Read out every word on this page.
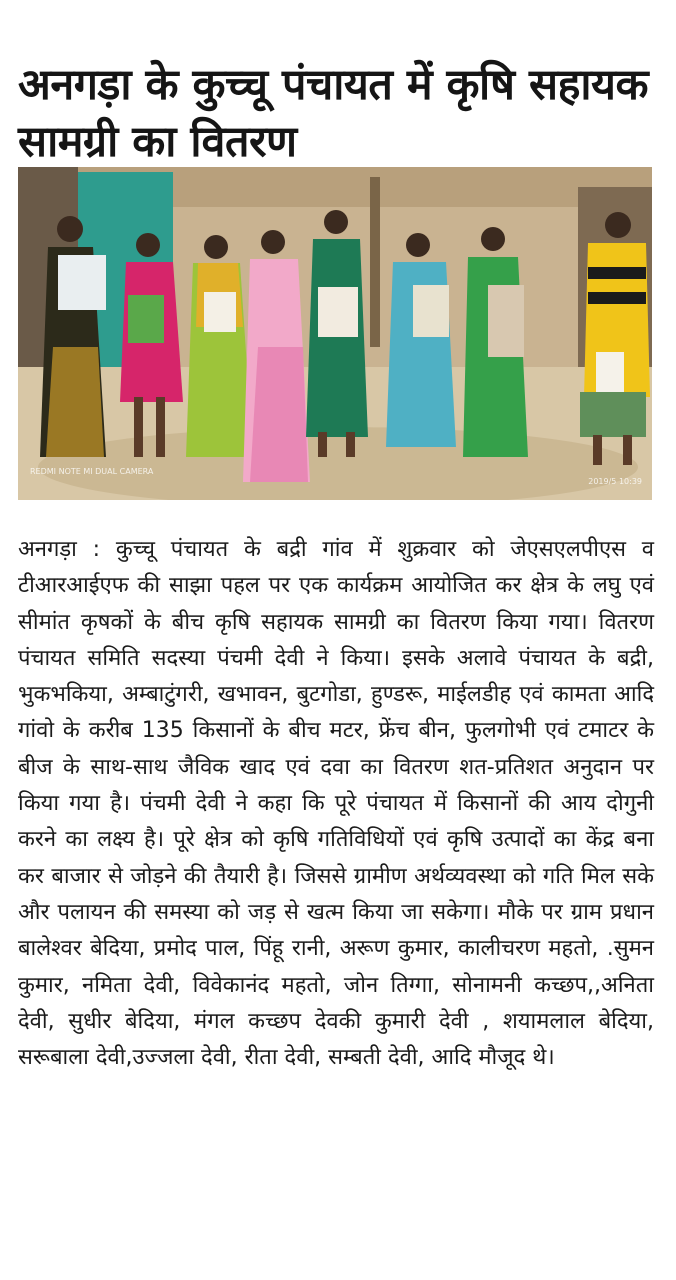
अनगड़ा के कुच्चू पंचायत में कृषि सहायक सामग्री का वितरण
REDMI NOTE MI DUAL CAMERA
2019/5 10:39
अनगड़ा : कुच्चू पंचायत के बद्री गांव में शुक्रवार को जेएसएलपीएस व टीआरआईएफ की साझा पहल पर एक कार्यक्रम आयोजित कर क्षेत्र के लघु एवं सीमांत कृषकों के बीच कृषि सहायक सामग्री का वितरण किया गया। वितरण पंचायत समिति सदस्या पंचमी देवी ने किया। इसके अलावे पंचायत के बद्री, भुकभकिया, अम्बाटुंगरी, खभावन, बुटगोडा, हुण्डरू, माईलडीह एवं कामता आदि गांवो के करीब 135 किसानों के बीच मटर, फ्रेंच बीन, फुलगोभी एवं टमाटर के बीज के साथ-साथ जैविक खाद एवं दवा का वितरण शत-प्रतिशत अनुदान पर किया गया है। पंचमी देवी ने कहा कि पूरे पंचायत में किसानों की आय दोगुनी करने का लक्ष्य है। पूरे क्षेत्र को कृषि गतिविधियों एवं कृषि उत्पादों का केंद्र बना कर बाजार से जोड़ने की तैयारी है। जिससे ग्रामीण अर्थव्यवस्था को गति मिल सके और पलायन की समस्या को जड़ से खत्म किया जा सकेगा। मौके पर ग्राम प्रधान बालेश्वर बेदिया, प्रमोद पाल, पिंहू रानी, अरूण कुमार, कालीचरण महतो, .सुमन कुमार, नमिता देवी, विवेकानंद महतो, जोन तिग्गा, सोनामनी कच्छप,,अनिता देवी, सुधीर बेदिया, मंगल कच्छप देवकी कुमारी देवी , शयामलाल बेदिया, सरूबाला देवी,उज्जला देवी, रीता देवी, सम्बती देवी, आदि मौजूद थे।
